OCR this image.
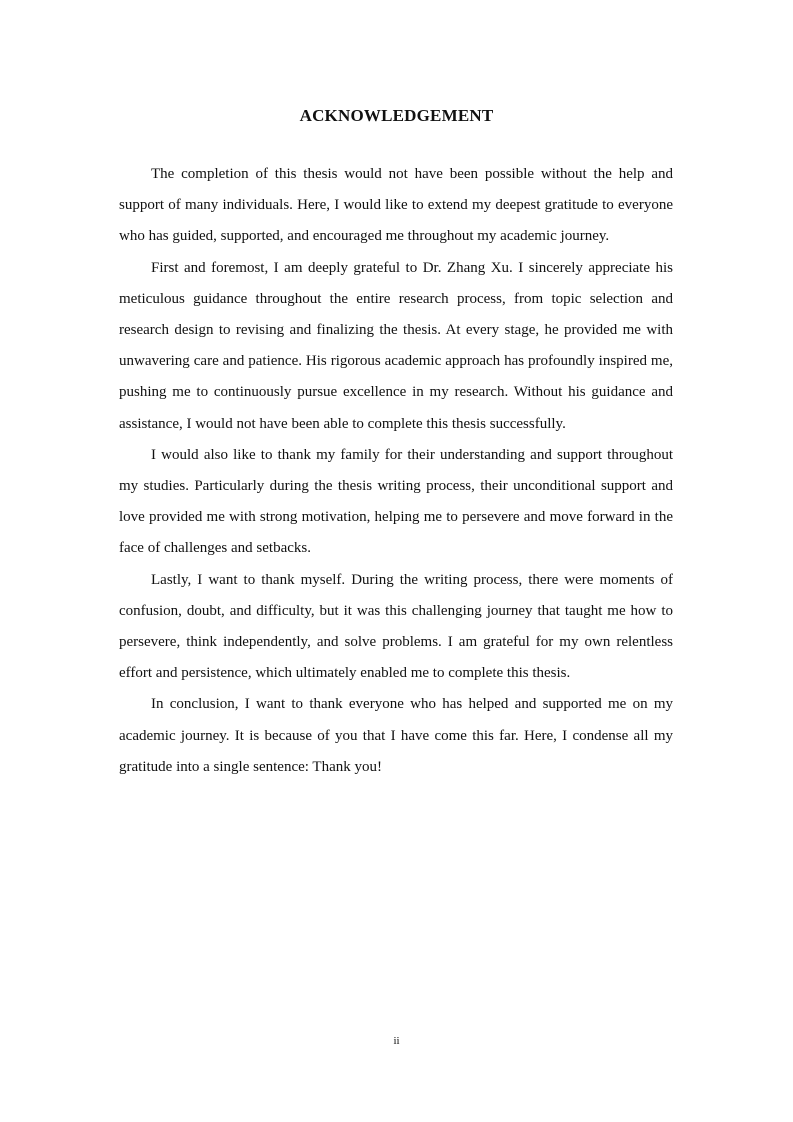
ACKNOWLEDGEMENT

The completion of this thesis would not have been possible without the help and support of many individuals. Here, I would like to extend my deepest gratitude to everyone who has guided, supported, and encouraged me throughout my academic journey.

First and foremost, I am deeply grateful to Dr. Zhang Xu. I sincerely appreciate his meticulous guidance throughout the entire research process, from topic selection and research design to revising and finalizing the thesis. At every stage, he provided me with unwavering care and patience. His rigorous academic approach has profoundly inspired me, pushing me to continuously pursue excellence in my research. Without his guidance and assistance, I would not have been able to complete this thesis successfully.

I would also like to thank my family for their understanding and support throughout my studies. Particularly during the thesis writing process, their unconditional support and love provided me with strong motivation, helping me to persevere and move forward in the face of challenges and setbacks.

Lastly, I want to thank myself. During the writing process, there were moments of confusion, doubt, and difficulty, but it was this challenging journey that taught me how to persevere, think independently, and solve problems. I am grateful for my own relentless effort and persistence, which ultimately enabled me to complete this thesis.

In conclusion, I want to thank everyone who has helped and supported me on my academic journey. It is because of you that I have come this far. Here, I condense all my gratitude into a single sentence: Thank you!

ii
